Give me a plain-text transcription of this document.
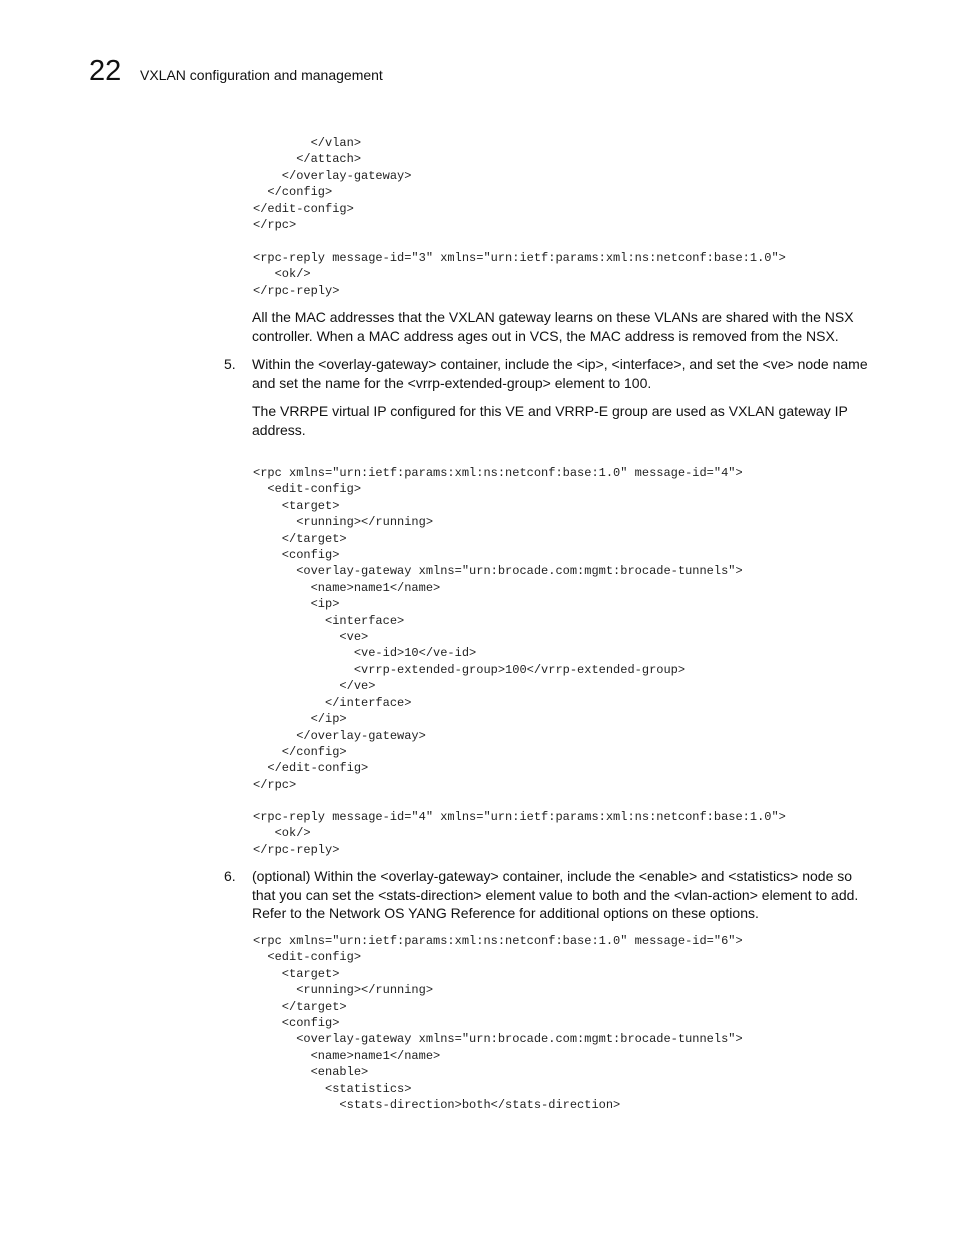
22 VXLAN configuration and management
</vlan>
</attach>
</overlay-gateway>
</config>
</edit-config>
</rpc>
<rpc-reply message-id="3" xmlns="urn:ietf:params:xml:ns:netconf:base:1.0">
<ok/>
</rpc-reply>

All the MAC addresses that the VXLAN gateway learns on these VLANs are shared with the NSX controller. When a MAC address ages out in VCS, the MAC address is removed from the NSX.

5. Within the <overlay-gateway> container, include the <ip>, <interface>, and set the <ve> node name and set the name for the <vrrp-extended-group> element to 100.

The VRRPE virtual IP configured for this VE and VRRP-E group are used as VXLAN gateway IP address.

<rpc xmlns="urn:ietf:params:xml:ns:netconf:base:1.0" message-id="4">
<edit-config>
<target>
<running></running>
</target>
<config>
<overlay-gateway xmlns="urn:brocade.com:mgmt:brocade-tunnels">
<name>name1</name>
<ip>
<interface>
<ve>
<ve-id>10</ve-id>
<vrrp-extended-group>100</vrrp-extended-group>
</ve>
</interface>
</ip>
</overlay-gateway>
</config>
</edit-config>
</rpc>
<rpc-reply message-id="4" xmlns="urn:ietf:params:xml:ns:netconf:base:1.0">
<ok/>
</rpc-reply>
6. (optional) Within the <overlay-gateway> container, include the <enable> and <statistics> node so that you can set the <stats-direction> element value to both and the <vlan-action> element to add. Refer to the Network OS YANG Reference for additional options on these options.

<rpc xmlns="urn:ietf:params:xml:ns:netconf:base:1.0" message-id="6">
<edit-config>
<target>
<running></running>
</target>
<config>
<overlay-gateway xmlns="urn:brocade.com:mgmt:brocade-tunnels">
<name>name1</name>
<enable>
<statistics>
<stats-direction>both</stats-direction>
